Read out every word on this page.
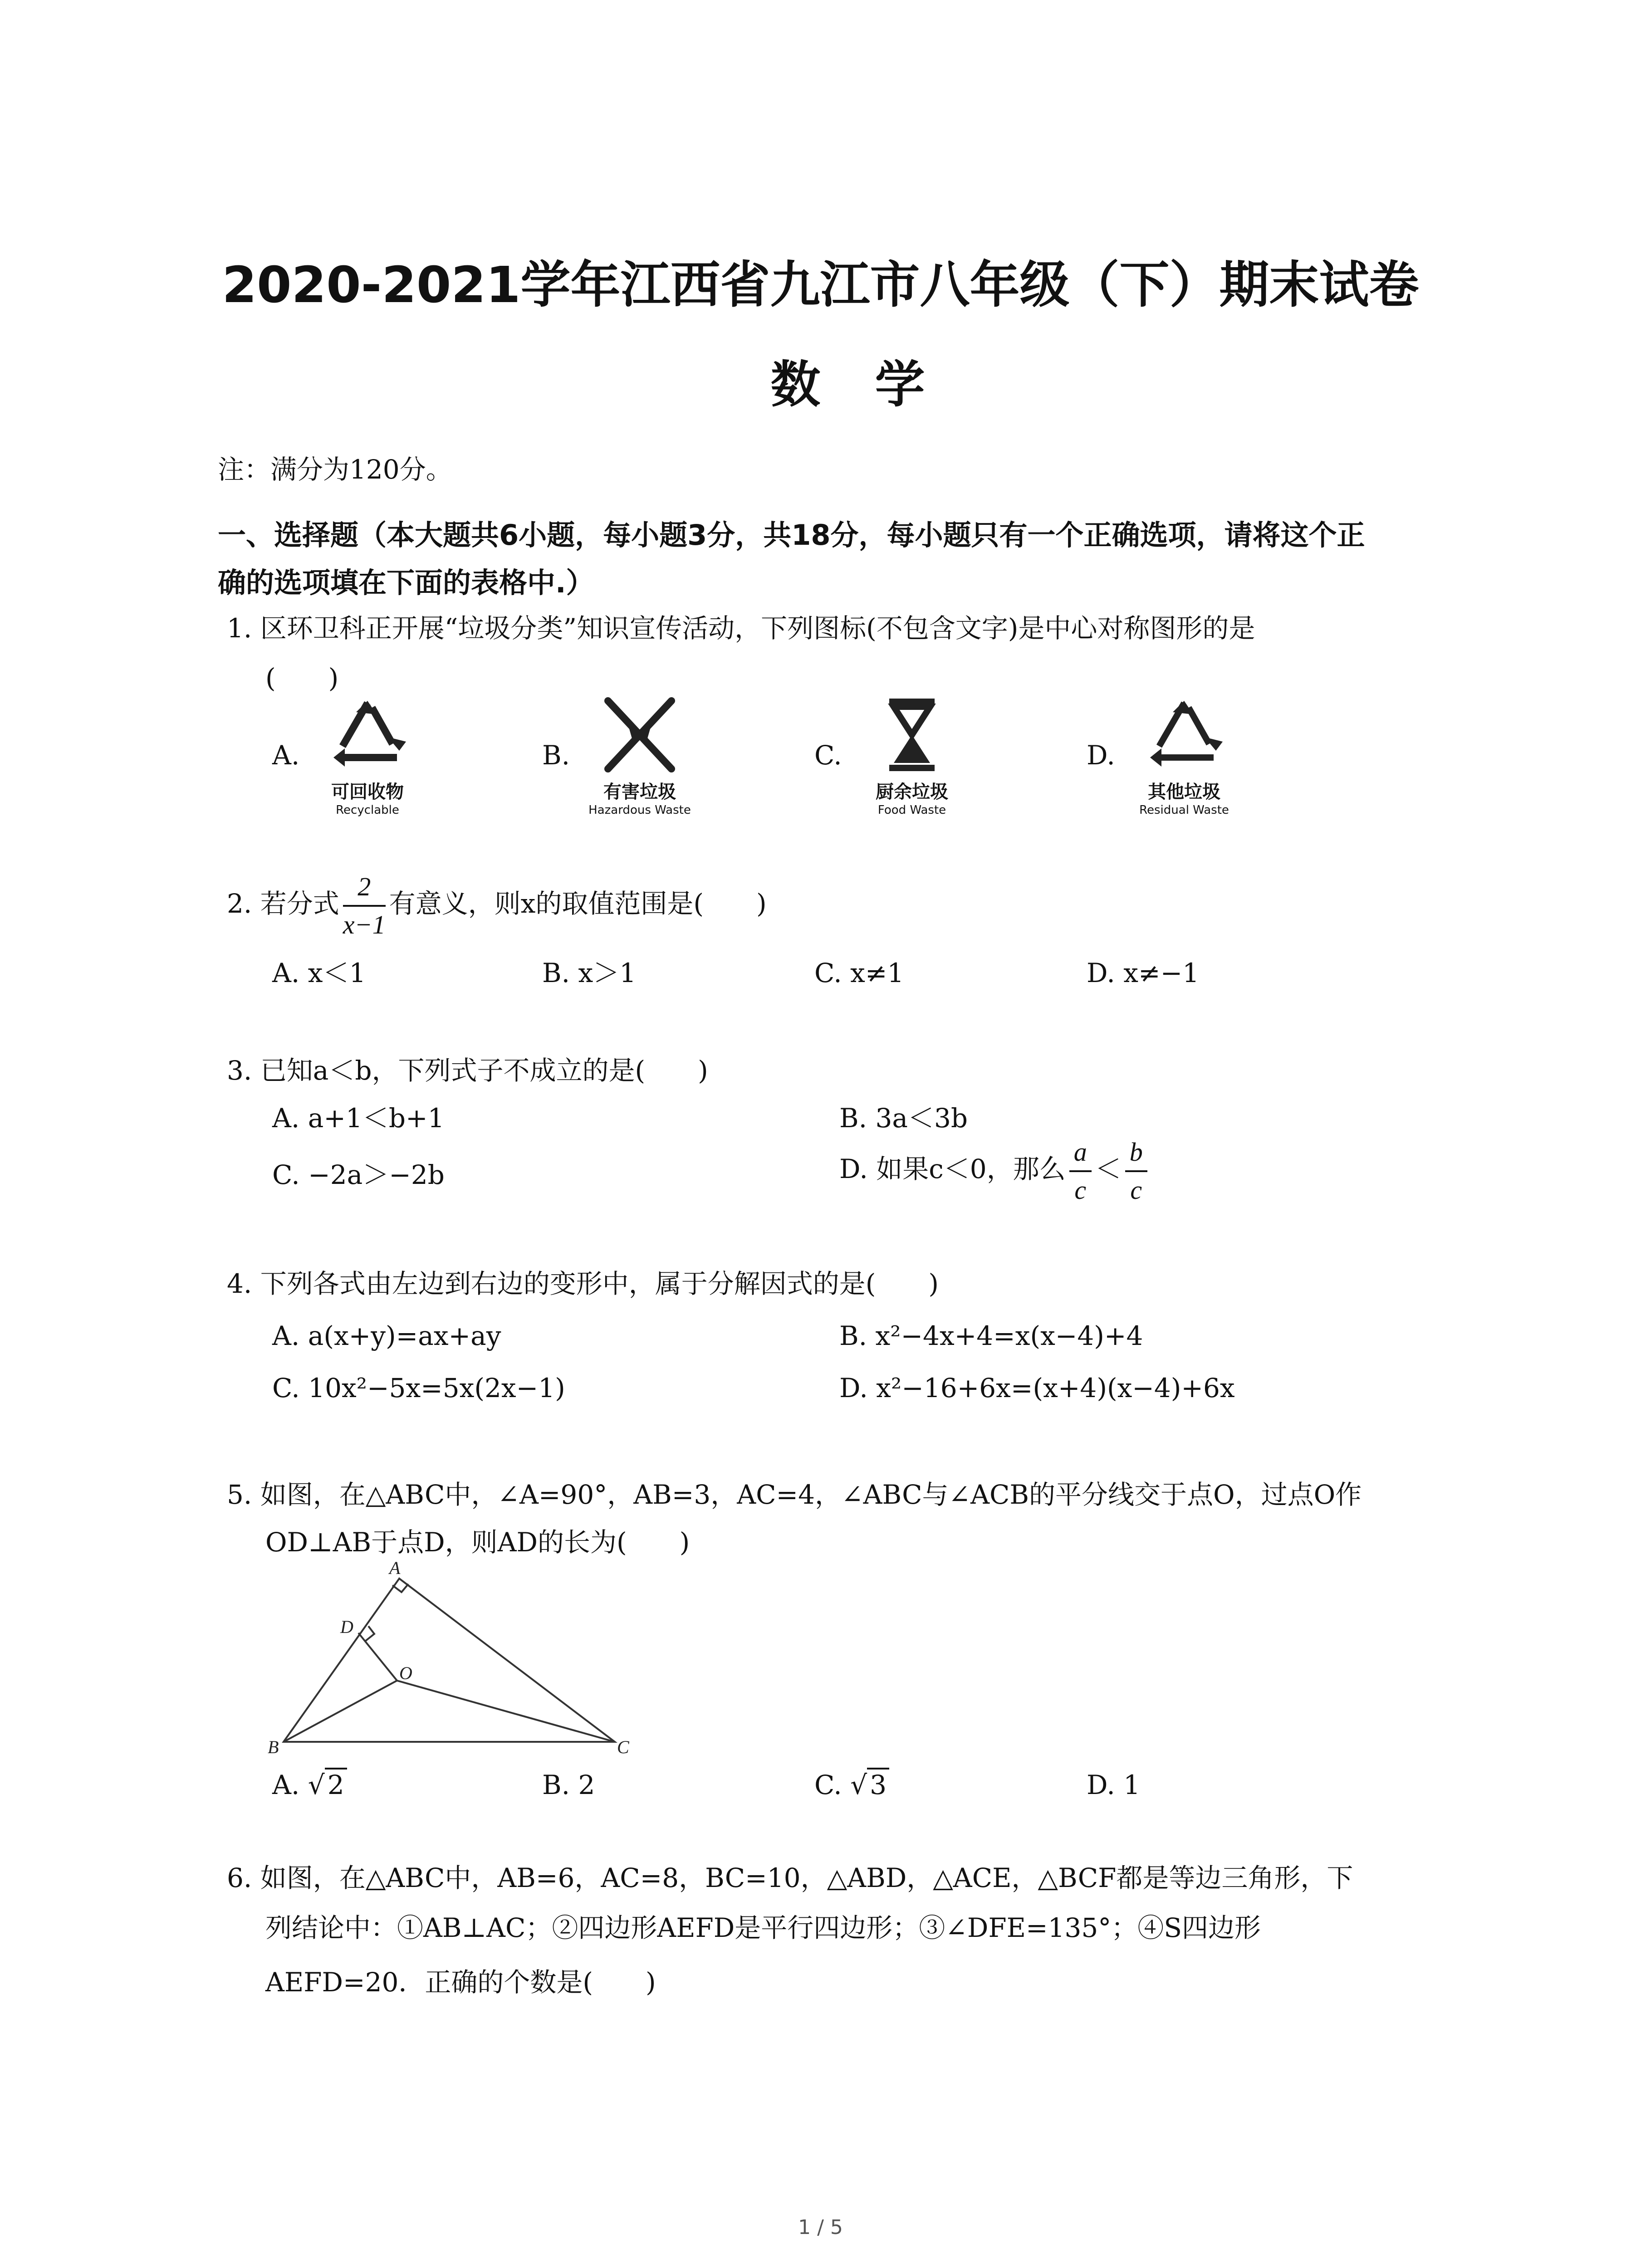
2020-2021学年江西省九江市八年级（下）期末试卷
数学
注：满分为120分。
一、选择题（本大题共6小题，每小题3分，共18分，每小题只有一个正确选项，请将这个正
确的选项填在下面的表格中.）
1. 区环卫科正开展“垃圾分类”知识宣传活动，下列图标(不包含文字)是中心对称图形的是
(　　)
A.
可回收物
Recyclable
B.
有害垃圾
Hazardous Waste
C.
厨余垃圾
Food Waste
D.
其他垃圾
Residual Waste
2. 若分式 $\frac{2}{x-1}$ 有意义，则x的取值范围是(　　)
A. x＜1	B. x＞1	C. x≠1	D. x≠−1
3. 已知a＜b，下列式子不成立的是(　　)
A. a+1＜b+1	B. 3a＜3b
C. −2a＞−2b	D. 如果c＜0，那么 $\frac{a}{c} < \frac{b}{c}$
4. 下列各式由左边到右边的变形中，属于分解因式的是(　　)
A. a(x+y)=ax+ay	B. x²−4x+4=x(x−4)+4
C. 10x²−5x=5x(2x−1)	D. x²−16+6x=(x+4)(x−4)+6x
5. 如图，在△ABC中，∠A=90°，AB=3，AC=4，∠ABC与∠ACB的平分线交于点O，过点O作
OD⊥AB于点D，则AD的长为(　　)
A
B	C
D
O
A. √ 2	B. 2	C. √ 3	D. 1
6. 如图，在△ABC中，AB=6，AC=8，BC=10，△ABD，△ACE，△BCF都是等边三角形，下
列结论中：①AB⊥AC；②四边形AEFD是平行四边形；③∠DFE=135°；④S四边形
AEFD=20．正确的个数是(　　)
1 / 5
